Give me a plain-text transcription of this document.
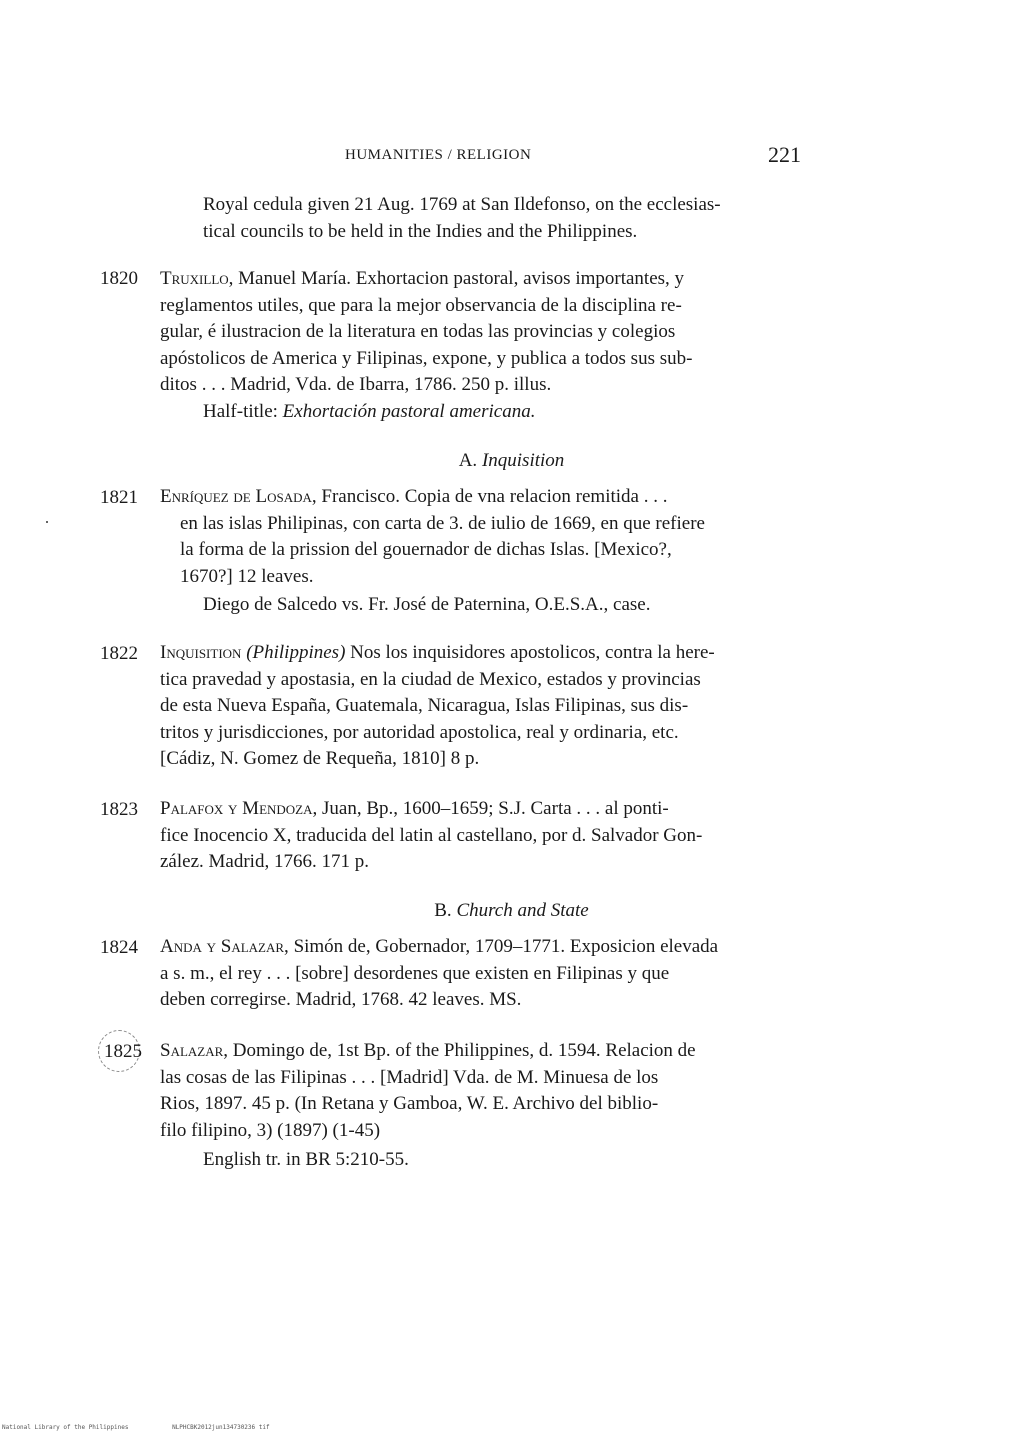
HUMANITIES / RELIGION	221
Royal cedula given 21 Aug. 1769 at San Ildefonso, on the ecclesias-
tical councils to be held in the Indies and the Philippines.
1820 Truxillo, Manuel María. Exhortacion pastoral, avisos importantes, y
reglamentos utiles, que para la mejor observancia de la disciplina re-
gular, é ilustracion de la literatura en todas las provincias y colegios
apóstolicos de America y Filipinas, expone, y publica a todos sus sub-
ditos . . . Madrid, Vda. de Ibarra, 1786. 250 p. illus.
Half-title: Exhortación pastoral americana.
A. Inquisition
1821 Enríquez de Losada, Francisco. Copia de vna relacion remitida . . .
en las islas Philipinas, con carta de 3. de iulio de 1669, en que refiere
la forma de la prission del gouernador de dichas Islas. [Mexico?,
1670?] 12 leaves.
Diego de Salcedo vs. Fr. José de Paternina, O.E.S.A., case.
1822 Inquisition (Philippines) Nos los inquisidores apostolicos, contra la here-
tica pravedad y apostasia, en la ciudad de Mexico, estados y provincias
de esta Nueva España, Guatemala, Nicaragua, Islas Filipinas, sus dis-
tritos y jurisdicciones, por autoridad apostolica, real y ordinaria, etc.
[Cádiz, N. Gomez de Requeña, 1810] 8 p.
1823 Palafox y Mendoza, Juan, Bp., 1600–1659; S.J. Carta . . . al ponti-
fice Inocencio X, traducida del latin al castellano, por d. Salvador Gon-
zález. Madrid, 1766. 171 p.
B. Church and State
1824 Anda y Salazar, Simón de, Gobernador, 1709–1771. Exposicion elevada
a s. m., el rey . . . [sobre] desordenes que existen en Filipinas y que
deben corregirse. Madrid, 1768. 42 leaves. MS.
1825 Salazar, Domingo de, 1st Bp. of the Philippines, d. 1594. Relacion de
las cosas de las Filipinas . . . [Madrid] Vda. de M. Minuesa de los
Rios, 1897. 45 p. (In Retana y Gamboa, W. E. Archivo del biblio-
filo filipino, 3) (1897) (1-45)
English tr. in BR 5:210-55.
National Library of the Philippines	NLPHCBK2012jun134730236 tif
